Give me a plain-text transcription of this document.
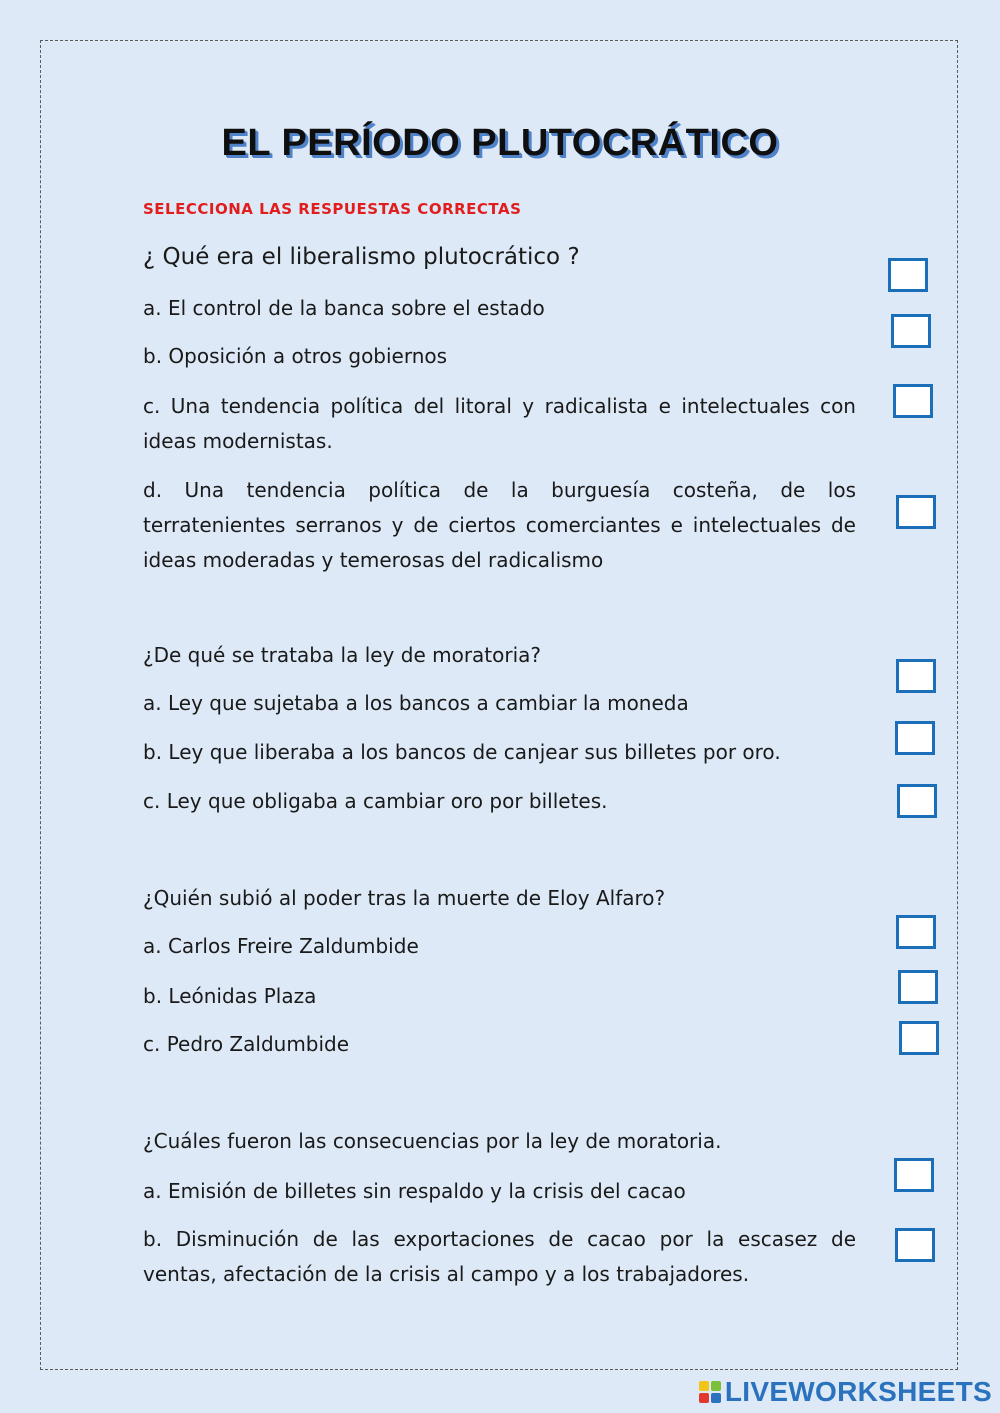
EL PERÍODO PLUTOCRÁTICO
SELECCIONA LAS RESPUESTAS CORRECTAS
¿ Qué era el liberalismo plutocrático ?
a. El control de la banca sobre el estado
b. Oposición a otros gobiernos
c. Una tendencia política del litoral y radicalista e intelectuales con ideas modernistas.
d. Una tendencia política de la burguesía costeña, de los terratenientes serranos y de ciertos comerciantes e intelectuales de ideas moderadas y temerosas del radicalismo
¿De qué se trataba la ley de moratoria?
a. Ley que sujetaba a los bancos a cambiar la moneda
b. Ley que liberaba a los bancos de canjear sus billetes por oro.
c. Ley que obligaba a cambiar oro por billetes.
¿Quién subió al poder tras la muerte de Eloy Alfaro?
a. Carlos Freire Zaldumbide
b. Leónidas Plaza
c. Pedro Zaldumbide
¿Cuáles fueron las consecuencias por la ley de moratoria.
a. Emisión de billetes sin respaldo y la crisis del cacao
b. Disminución de las exportaciones de cacao por la escasez de ventas, afectación de la crisis al campo y a los trabajadores.
LIVEWORKSHEETS
